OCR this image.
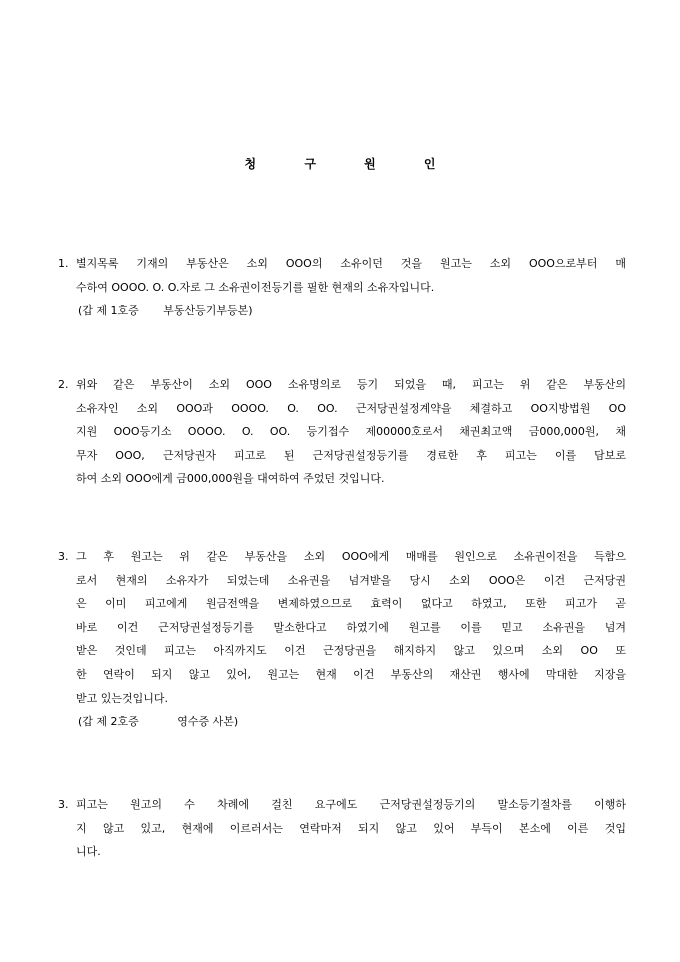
청 구 원 인
1. 별지목록 기재의 부동산은 소외 OOO의 소유이던 것을 원고는 소외 OOO으로부터 매
수하여 OOOO. O. O.자로 그 소유권이전등기를 필한 현재의 소유자입니다.
(갑 제 1호증       부동산등기부등본)
2. 위와 같은 부동산이 소외 OOO 소유명의로 등기 되었을 때, 피고는 위 같은 부동산의
소유자인 소외 OOO과 OOOO. O. OO. 근저당권설정계약을 체결하고 OO지방법원 OO
지원 OOO등기소 OOOO. O. OO. 등기접수 제00000호로서 채권최고액 금000,000원, 채
무자 OOO, 근저당권자 피고로 된 근저당권설정등기를 경료한 후 피고는 이를 담보로
하여 소외 OOO에게 금000,000원을 대여하여 주었던 것입니다.
3. 그 후 원고는 위 같은 부동산을 소외 OOO에게 매매를 원인으로 소유권이전을 득함으
로서 현재의 소유자가 되었는데 소유권을 넘겨받을 당시 소외 OOO은 이건 근저당권
은 이미 피고에게 원금전액을 변제하였으므로 효력이 없다고 하였고, 또한 피고가 곧
바로 이건 근저당권설정등기를 말소한다고 하였기에 원고를 이를 믿고 소유권을 넘겨
받은 것인데 피고는 아직까지도 이건 근정당권을 해지하지 않고 있으며 소외 OO 또
한 연락이 되지 않고 있어, 원고는 현재 이건 부동산의 재산권 행사에 막대한 지장을
받고 있는것입니다.
(갑 제 2호증           영수증 사본)
3. 피고는 원고의 수 차례에 걸친 요구에도 근저당권설정등기의 말소등기절차를 이행하
지 않고 있고, 현재에 이르러서는 연락마저 되지 않고 있어 부득이 본소에 이른 것입
니다.
